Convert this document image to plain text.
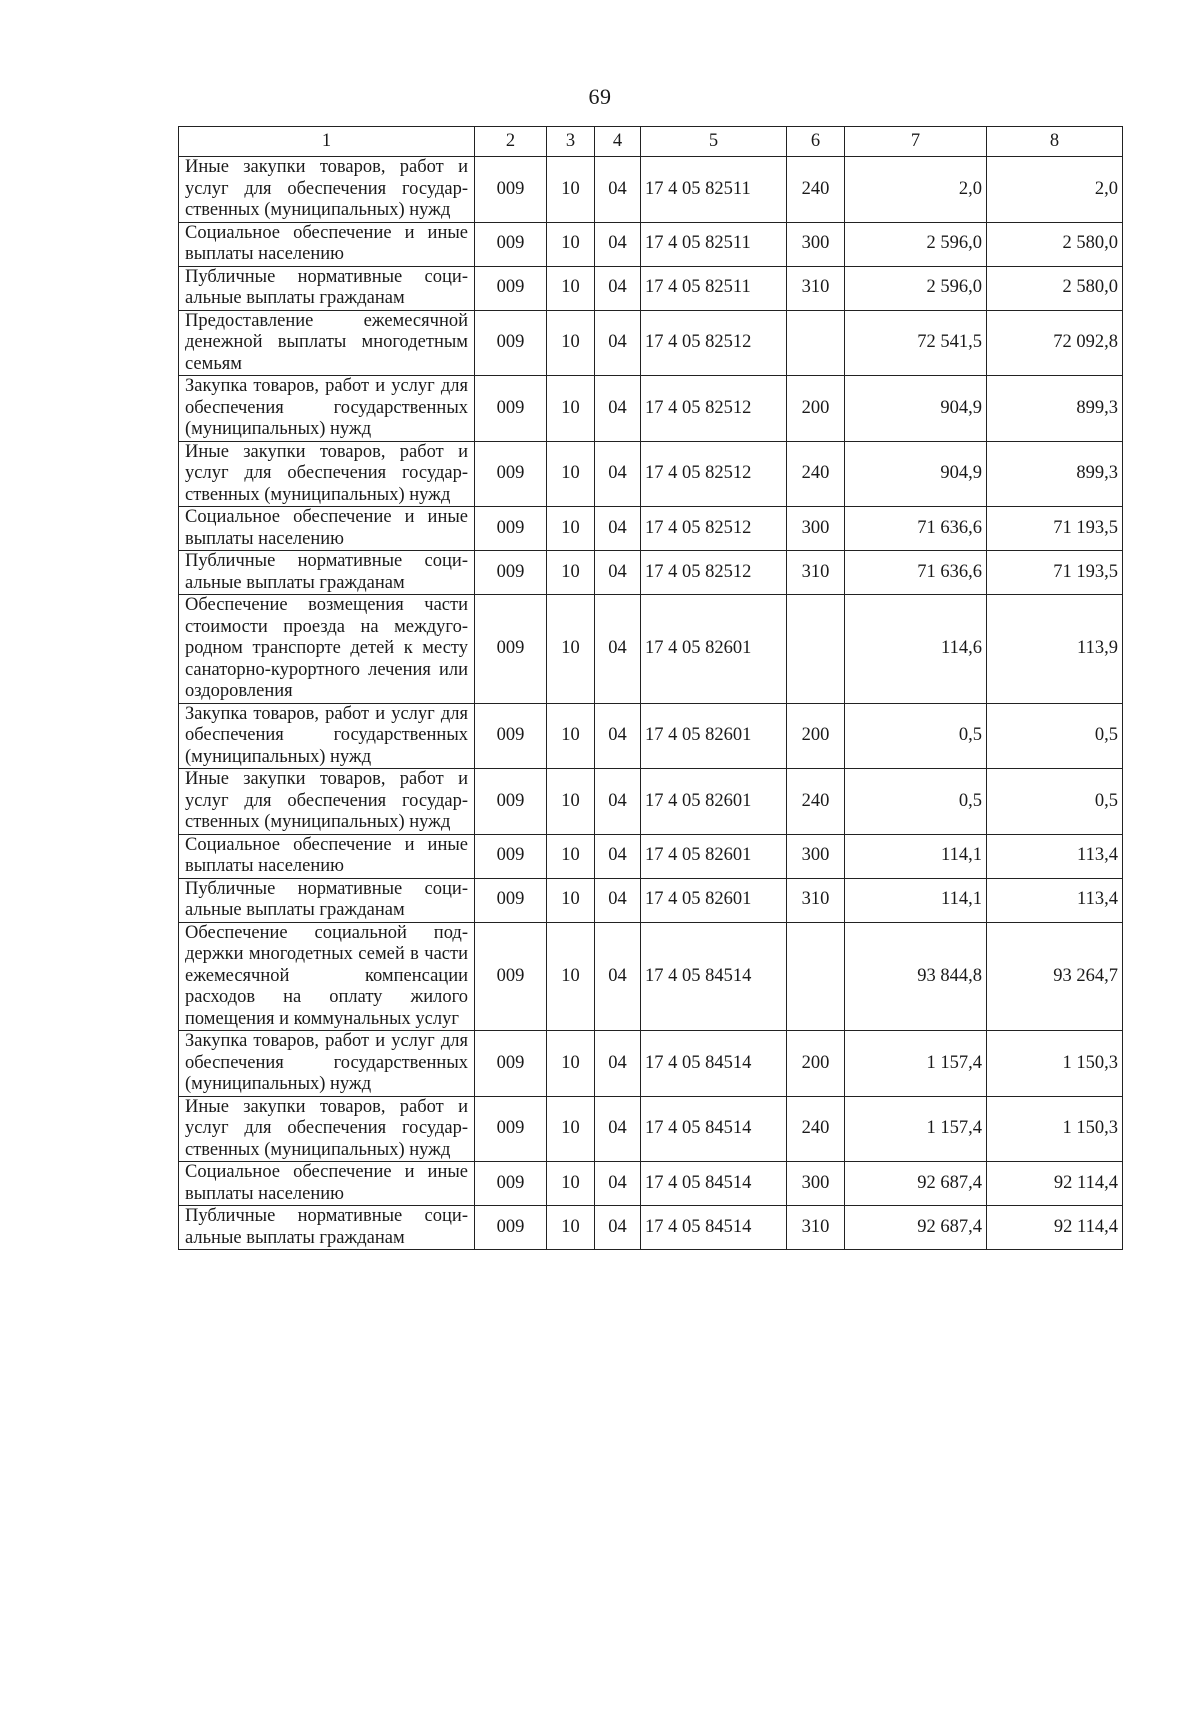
69
1	2	3	4	5	6	7	8
Иные закупки товаров, работ и услуг для обеспечения государственных (муниципальных) нужд	009	10	04	17 4 05 82511	240	2,0	2,0
Социальное обеспечение и иные выплаты населению	009	10	04	17 4 05 82511	300	2 596,0	2 580,0
Публичные нормативные социальные выплаты гражданам	009	10	04	17 4 05 82511	310	2 596,0	2 580,0
Предоставление ежемесячной денежной выплаты многодетным семьям	009	10	04	17 4 05 82512		72 541,5	72 092,8
Закупка товаров, работ и услуг для обеспечения государственных (муниципальных) нужд	009	10	04	17 4 05 82512	200	904,9	899,3
Иные закупки товаров, работ и услуг для обеспечения государственных (муниципальных) нужд	009	10	04	17 4 05 82512	240	904,9	899,3
Социальное обеспечение и иные выплаты населению	009	10	04	17 4 05 82512	300	71 636,6	71 193,5
Публичные нормативные социальные выплаты гражданам	009	10	04	17 4 05 82512	310	71 636,6	71 193,5
Обеспечение возмещения части стоимости проезда на междугородном транспорте детей к месту санаторно-курортного лечения или оздоровления	009	10	04	17 4 05 82601		114,6	113,9
Закупка товаров, работ и услуг для обеспечения государственных (муниципальных) нужд	009	10	04	17 4 05 82601	200	0,5	0,5
Иные закупки товаров, работ и услуг для обеспечения государственных (муниципальных) нужд	009	10	04	17 4 05 82601	240	0,5	0,5
Социальное обеспечение и иные выплаты населению	009	10	04	17 4 05 82601	300	114,1	113,4
Публичные нормативные социальные выплаты гражданам	009	10	04	17 4 05 82601	310	114,1	113,4
Обеспечение социальной поддержки многодетных семей в части ежемесячной компенсации расходов на оплату жилого помещения и коммунальных услуг	009	10	04	17 4 05 84514		93 844,8	93 264,7
Закупка товаров, работ и услуг для обеспечения государственных (муниципальных) нужд	009	10	04	17 4 05 84514	200	1 157,4	1 150,3
Иные закупки товаров, работ и услуг для обеспечения государственных (муниципальных) нужд	009	10	04	17 4 05 84514	240	1 157,4	1 150,3
Социальное обеспечение и иные выплаты населению	009	10	04	17 4 05 84514	300	92 687,4	92 114,4
Публичные нормативные социальные выплаты гражданам	009	10	04	17 4 05 84514	310	92 687,4	92 114,4
